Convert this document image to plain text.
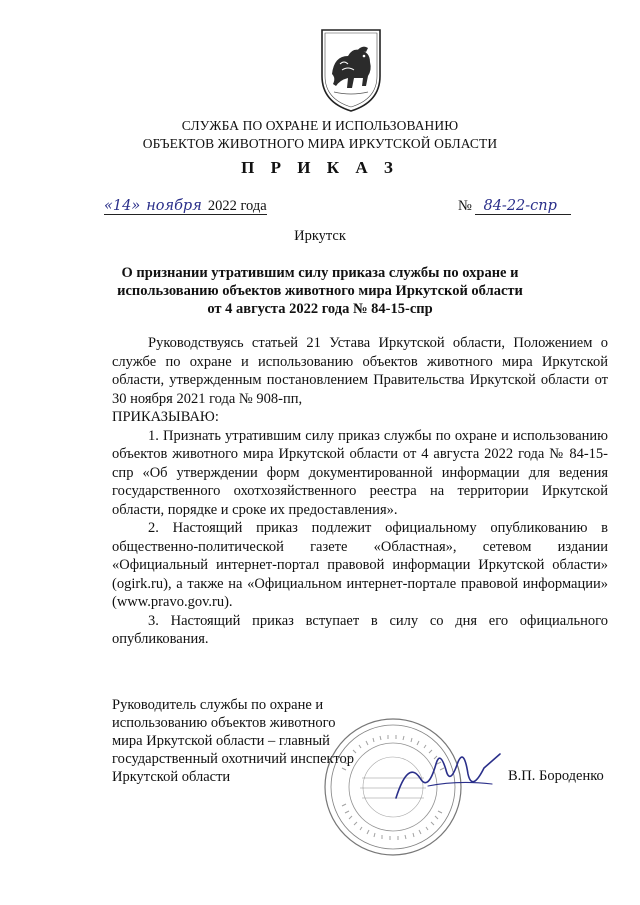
СЛУЖБА ПО ОХРАНЕ И ИСПОЛЬЗОВАНИЮ
ОБЪЕКТОВ ЖИВОТНОГО МИРА ИРКУТСКОЙ ОБЛАСТИ
П Р И К А З
«14» ноября 2022 года	№ 84-22-спр
Иркутск
О признании утратившим силу приказа службы по охране и
использованию объектов животного мира Иркутской области
от 4 августа 2022 года № 84-15-спр

Руководствуясь статьей 21 Устава Иркутской области, Положением о службе по охране и использованию объектов животного мира Иркутской области, утвержденным постановлением Правительства Иркутской области от 30 ноября 2021 года № 908-пп,

ПРИКАЗЫВАЮ:

1. Признать утратившим силу приказ службы по охране и использованию объектов животного мира Иркутской области от 4 августа 2022 года № 84-15-спр «Об утверждении форм документированной информации для ведения государственного охотхозяйственного реестра на территории Иркутской области, порядке и сроке их предоставления».

2. Настоящий приказ подлежит официальному опубликованию в общественно-политической газете «Областная», сетевом издании «Официальный интернет-портал правовой информации Иркутской области» (ogirk.ru), а также на «Официальном интернет-портале правовой информации» (www.pravo.gov.ru).

3. Настоящий приказ вступает в силу со дня его официального опубликования.

Руководитель службы по охране и
использованию объектов животного
мира Иркутской области – главный
государственный охотничий инспектор
Иркутской области	В.П. Бороденко
